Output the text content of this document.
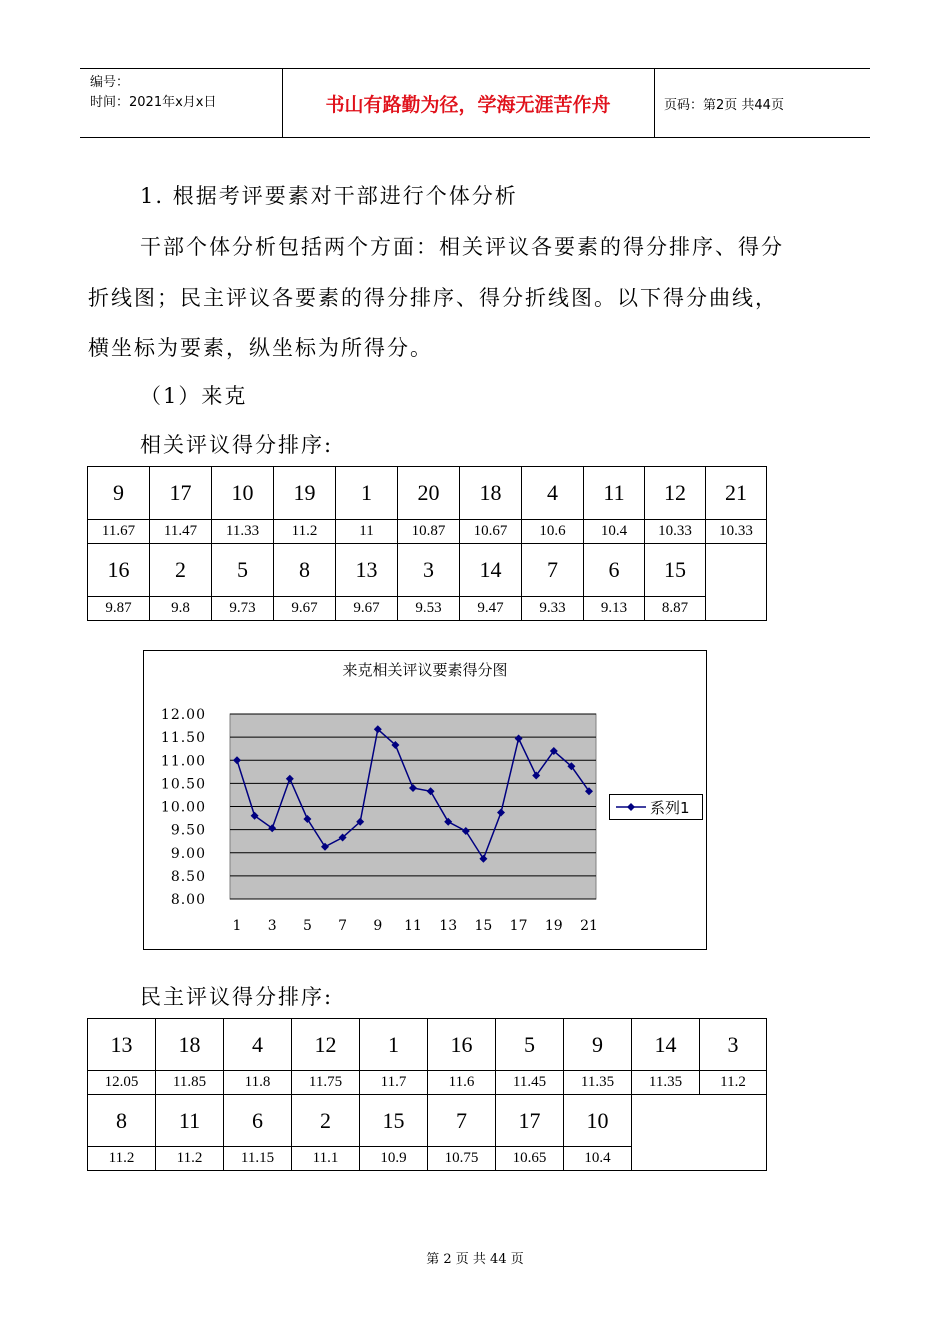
编号：
时间：2021年x月x日	书山有路勤为径，学海无涯苦作舟	页码：第2页 共44页
1. 根据考评要素对干部进行个体分析
干部个体分析包括两个方面：相关评议各要素的得分排序、得分
折线图；民主评议各要素的得分排序、得分折线图。以下得分曲线，
横坐标为要素，纵坐标为所得分。
（1）来克
相关评议得分排序:
9	17	10	19	1	20	18	4	11	12	21
11.67	11.47	11.33	11.2	11	10.87	10.67	10.6	10.4	10.33	10.33
16	2	5	8	13	3	14	7	6	15	
9.87	9.8	9.73	9.67	9.67	9.53	9.47	9.33	9.13	8.87	
来克相关评议要素得分图
12.00
11.50
11.00
10.50
10.00
9.50
9.00
8.50
8.00
1 3 5 7 9 11 13 15 17 19 21
系列1
民主评议得分排序:
13	18	4	12	1	16	5	9	14	3
12.05	11.85	11.8	11.75	11.7	11.6	11.45	11.35	11.35	11.2
8	11	6	2	15	7	17	10		
11.2	11.2	11.15	11.1	10.9	10.75	10.65	10.4		
第 2 页 共 44 页
